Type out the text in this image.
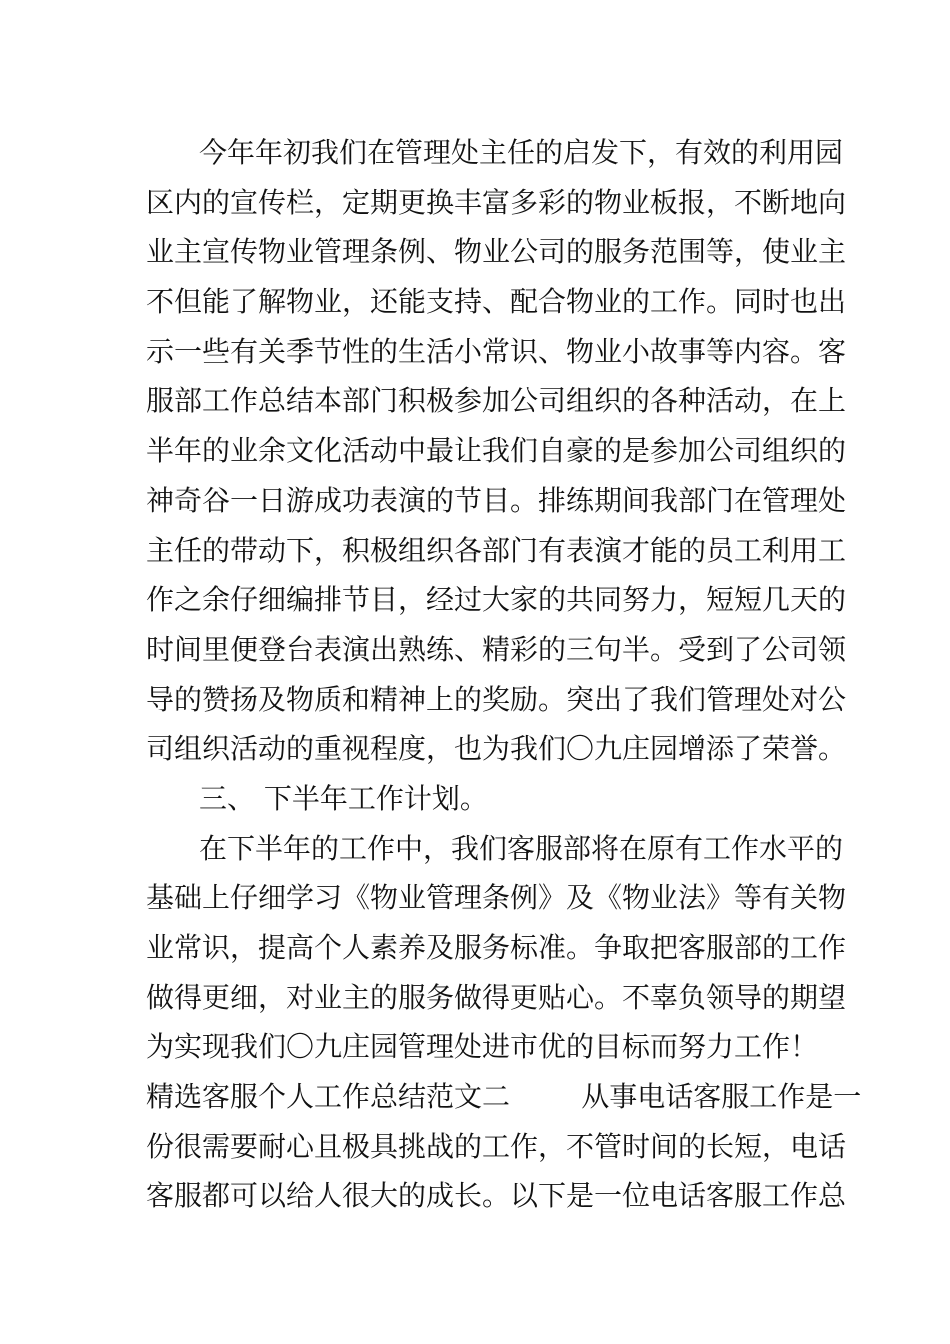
今年年初我们在管理处主任的启发下，有效的利用园
区内的宣传栏，定期更换丰富多彩的物业板报，不断地向
业主宣传物业管理条例、物业公司的服务范围等，使业主
不但能了解物业，还能支持、配合物业的工作。同时也出
示一些有关季节性的生活小常识、物业小故事等内容。客
服部工作总结本部门积极参加公司组织的各种活动，在上
半年的业余文化活动中最让我们自豪的是参加公司组织的
神奇谷一日游成功表演的节目。排练期间我部门在管理处
主任的带动下，积极组织各部门有表演才能的员工利用工
作之余仔细编排节目，经过大家的共同努力，短短几天的
时间里便登台表演出熟练、精彩的三句半。受到了公司领
导的赞扬及物质和精神上的奖励。突出了我们管理处对公
司组织活动的重视程度，也为我们〇九庄园增添了荣誉。
三、 下半年工作计划。
在下半年的工作中，我们客服部将在原有工作水平的
基础上仔细学习《物业管理条例》及《物业法》等有关物
业常识，提高个人素养及服务标准。争取把客服部的工作
做得更细，对业主的服务做得更贴心。不辜负领导的期望
为实现我们〇九庄园管理处进市优的目标而努力工作！
精选客服个人工作总结范文二        从事电话客服工作是一
份很需要耐心且极具挑战的工作，不管时间的长短，电话
客服都可以给人很大的成长。以下是一位电话客服工作总
